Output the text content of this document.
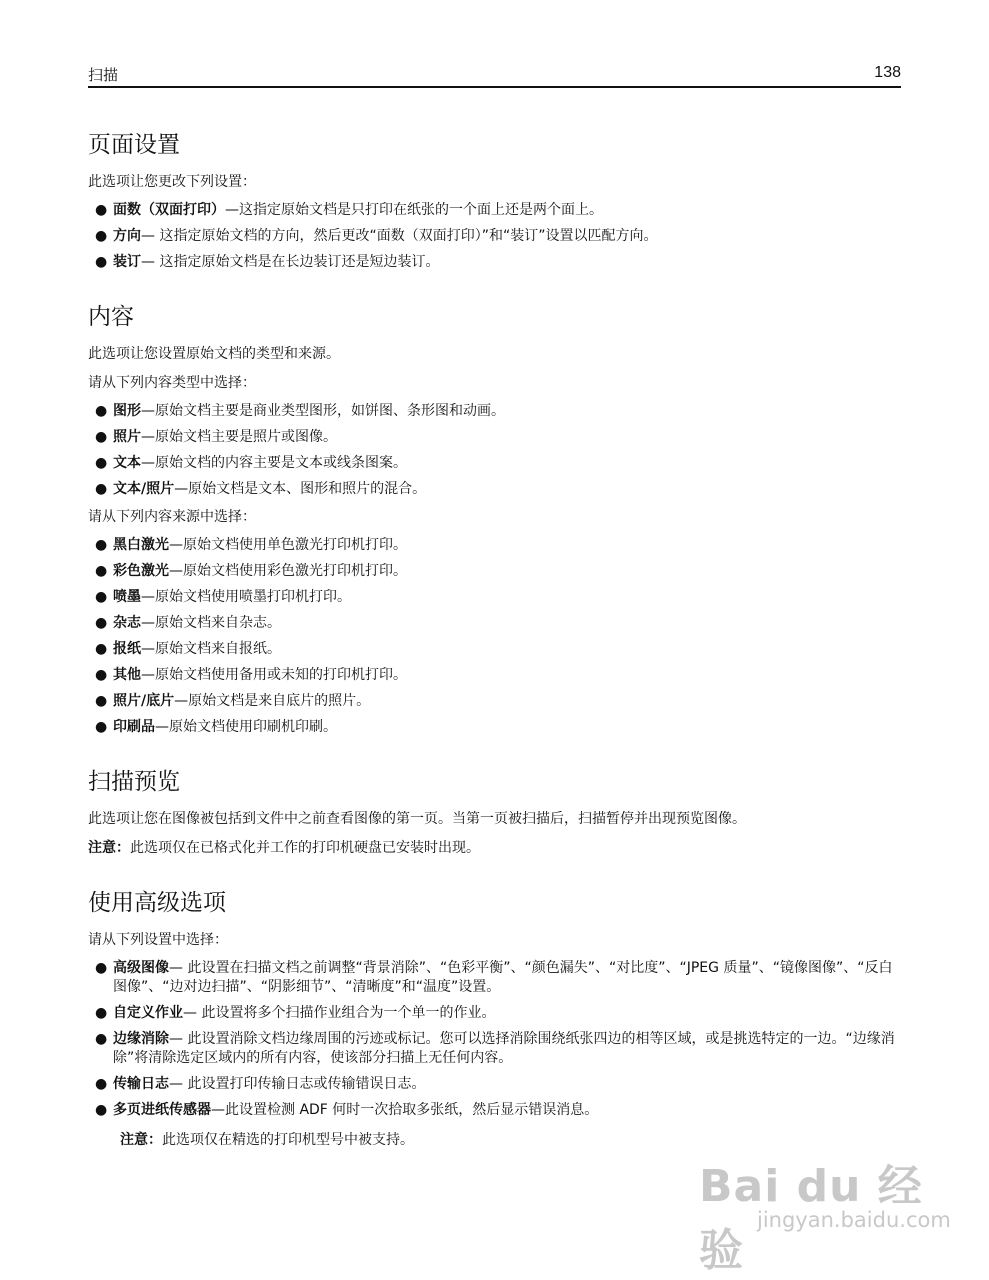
扫描	138
页面设置

此选项让您更改下列设置：

● 面数（双面打印）—这指定原始文档是只打印在纸张的一个面上还是两个面上。
● 方向— 这指定原始文档的方向，然后更改“面数（双面打印）”和“装订”设置以匹配方向。
● 装订— 这指定原始文档是在长边装订还是短边装订。
内容

此选项让您设置原始文档的类型和来源。

请从下列内容类型中选择：

● 图形—原始文档主要是商业类型图形，如饼图、条形图和动画。
● 照片—原始文档主要是照片或图像。
● 文本—原始文档的内容主要是文本或线条图案。
● 文本/照片—原始文档是文本、图形和照片的混合。

请从下列内容来源中选择：

● 黑白激光—原始文档使用单色激光打印机打印。
● 彩色激光—原始文档使用彩色激光打印机打印。
● 喷墨—原始文档使用喷墨打印机打印。
● 杂志—原始文档来自杂志。
● 报纸—原始文档来自报纸。
● 其他—原始文档使用备用或未知的打印机打印。
● 照片/底片—原始文档是来自底片的照片。
● 印刷品—原始文档使用印刷机印刷。
扫描预览

此选项让您在图像被包括到文件中之前查看图像的第一页。当第一页被扫描后，扫描暂停并出现预览图像。

注意：此选项仅在已格式化并工作的打印机硬盘已安装时出现。

使用高级选项

请从下列设置中选择：

● 高级图像— 此设置在扫描文档之前调整“背景消除”、“色彩平衡”、“颜色漏失”、“对比度”、“JPEG 质量”、“镜像图像”、“反白图像”、“边对边扫描”、“阴影细节”、“清晰度”和“温度”设置。
● 自定义作业— 此设置将多个扫描作业组合为一个单一的作业。
● 边缘消除— 此设置消除文档边缘周围的污迹或标记。您可以选择消除围绕纸张四边的相等区域，或是挑选特定的一边。“边缘消除”将清除选定区域内的所有内容，使该部分扫描上无任何内容。
● 传输日志— 此设置打印传输日志或传输错误日志。
● 多页进纸传感器—此设置检测 ADF 何时一次拾取多张纸，然后显示错误消息。

注意：此选项仅在精选的打印机型号中被支持。

Bai du 经验
jingyan.baidu.com
